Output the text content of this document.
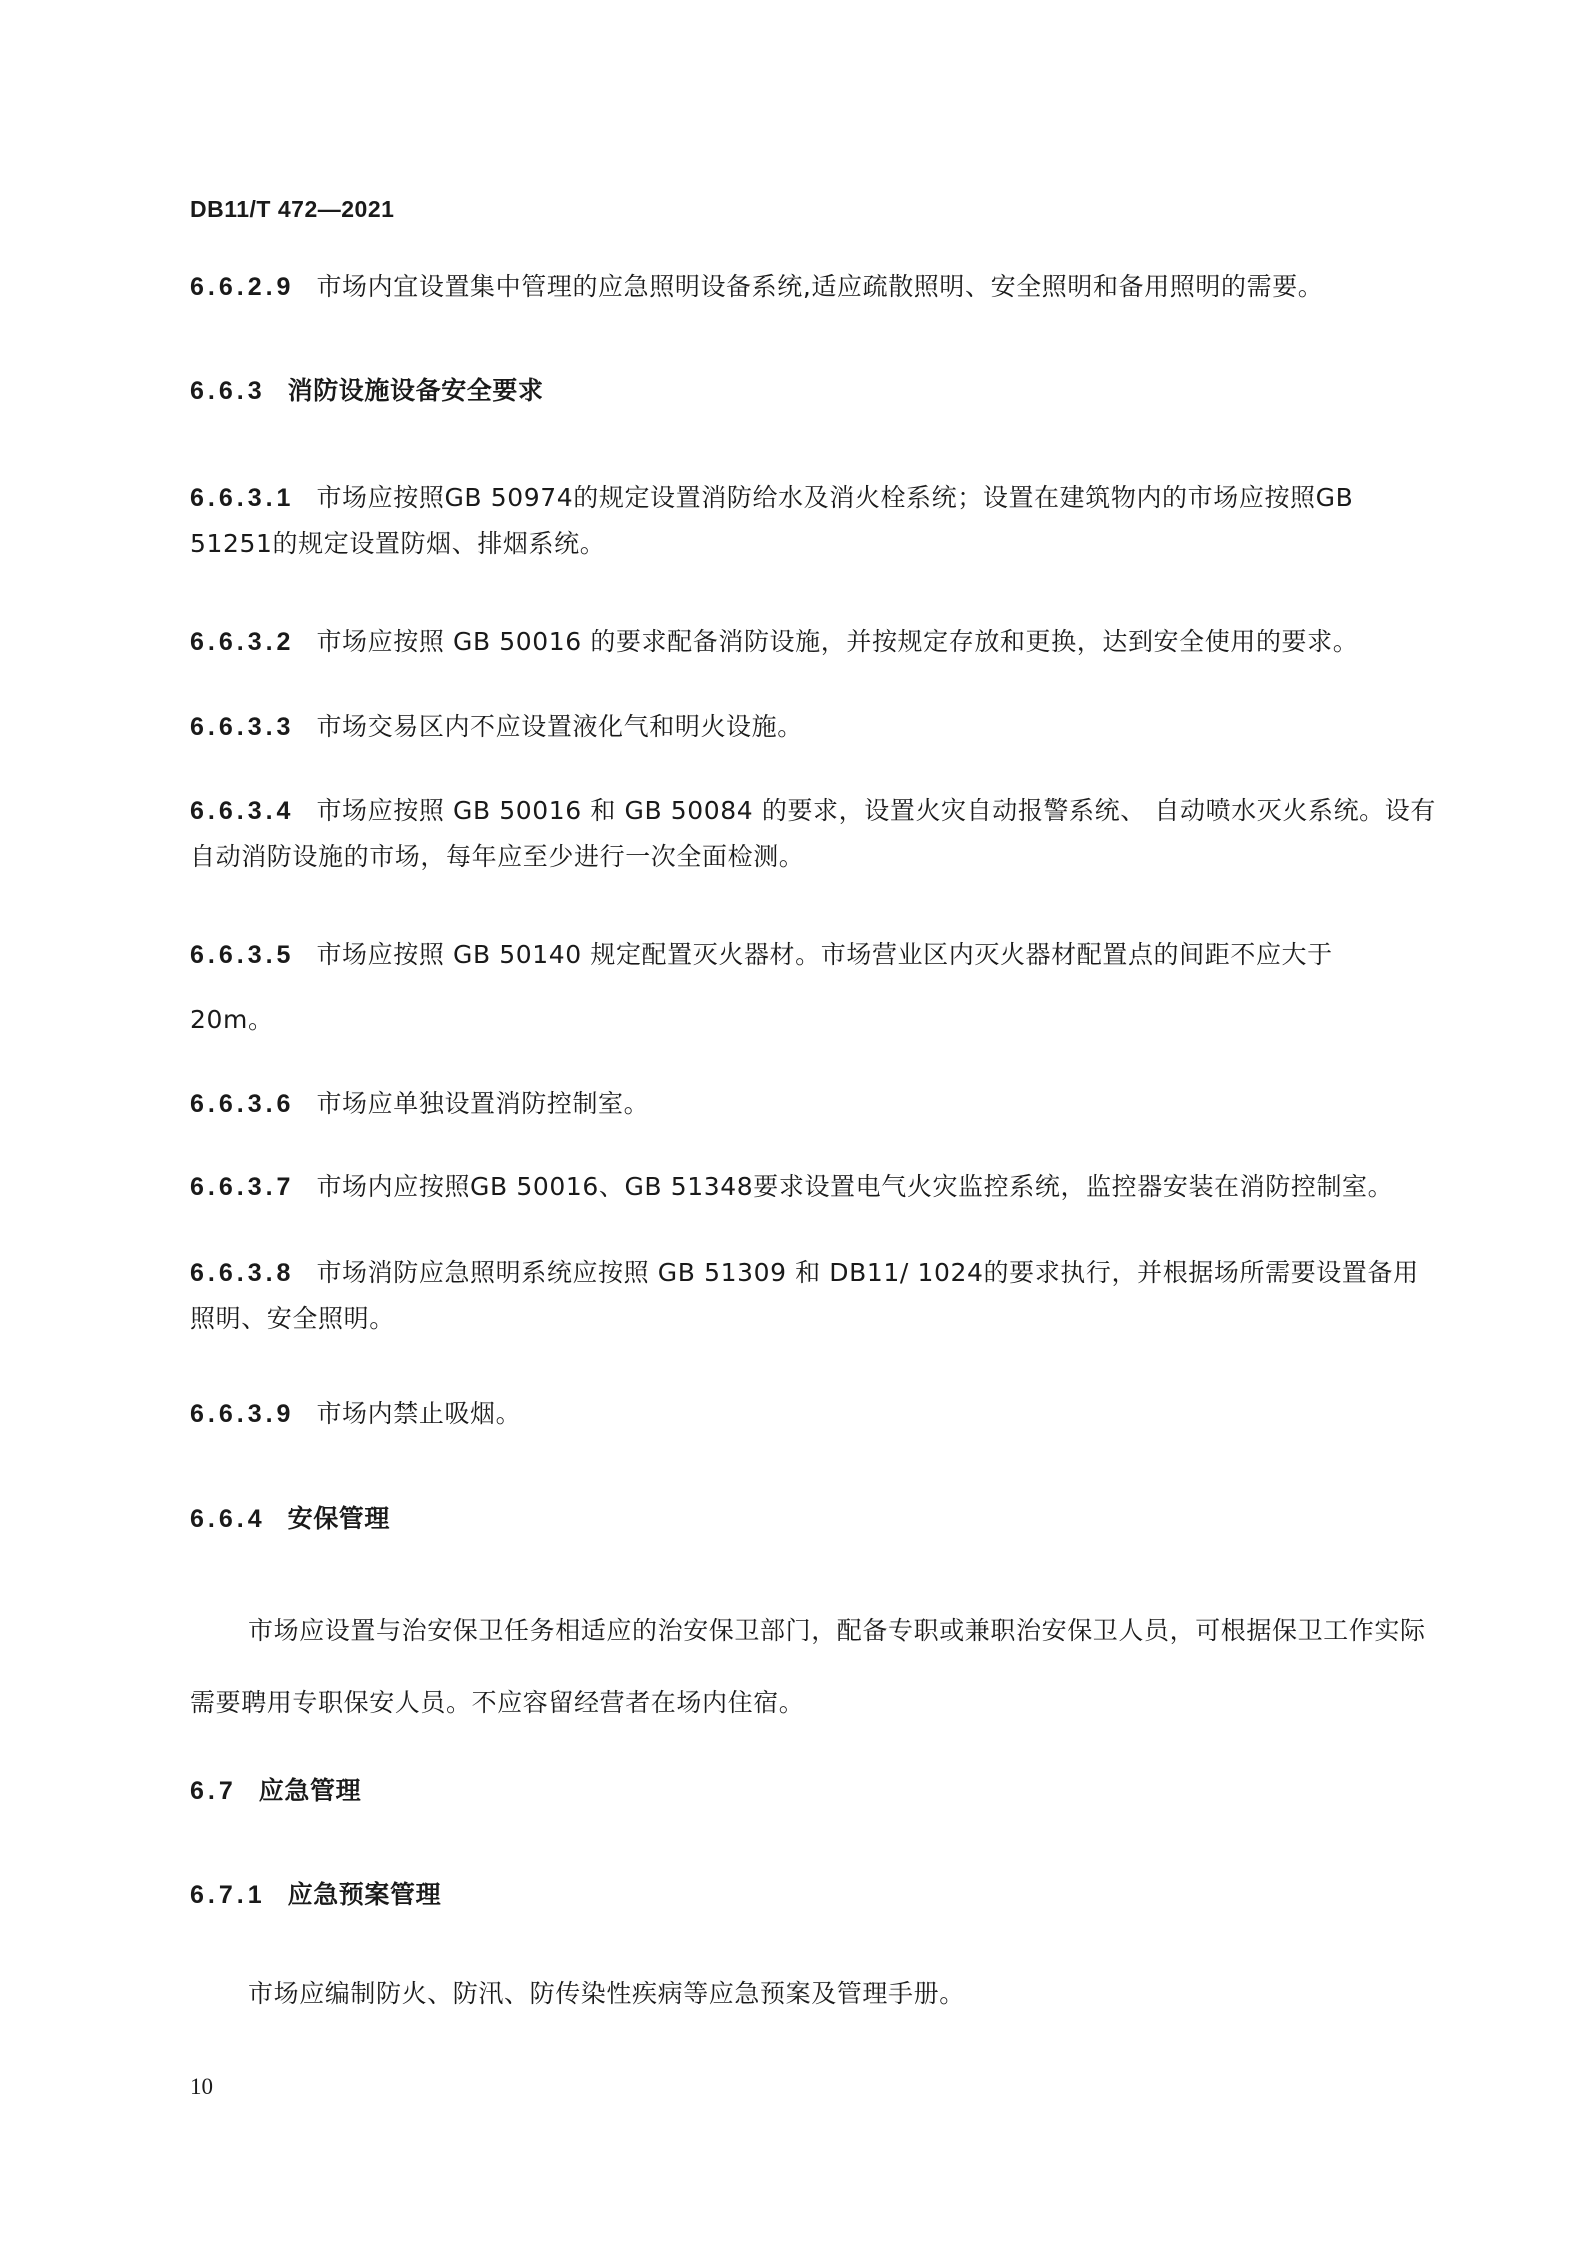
DB11/T 472—2021
6.6.2.9 市场内宜设置集中管理的应急照明设备系统,适应疏散照明、安全照明和备用照明的需要。
6.6.3 消防设施设备安全要求
6.6.3.1 市场应按照GB 50974的规定设置消防给水及消火栓系统；设置在建筑物内的市场应按照GB 51251的规定设置防烟、排烟系统。
6.6.3.2 市场应按照 GB 50016 的要求配备消防设施，并按规定存放和更换，达到安全使用的要求。
6.6.3.3 市场交易区内不应设置液化气和明火设施。
6.6.3.4 市场应按照 GB 50016 和 GB 50084 的要求，设置火灾自动报警系统、 自动喷水灭火系统。设有自动消防设施的市场，每年应至少进行一次全面检测。
6.6.3.5 市场应按照 GB 50140 规定配置灭火器材。市场营业区内灭火器材配置点的间距不应大于
20m。
6.6.3.6 市场应单独设置消防控制室。
6.6.3.7 市场内应按照GB 50016、GB 51348要求设置电气火灾监控系统，监控器安装在消防控制室。
6.6.3.8 市场消防应急照明系统应按照 GB 51309 和 DB11/ 1024的要求执行，并根据场所需要设置备用照明、安全照明。
6.6.3.9 市场内禁止吸烟。
6.6.4 安保管理
市场应设置与治安保卫任务相适应的治安保卫部门，配备专职或兼职治安保卫人员，可根据保卫工作实际需要聘用专职保安人员。不应容留经营者在场内住宿。
6.7 应急管理
6.7.1 应急预案管理
市场应编制防火、防汛、防传染性疾病等应急预案及管理手册。
10
